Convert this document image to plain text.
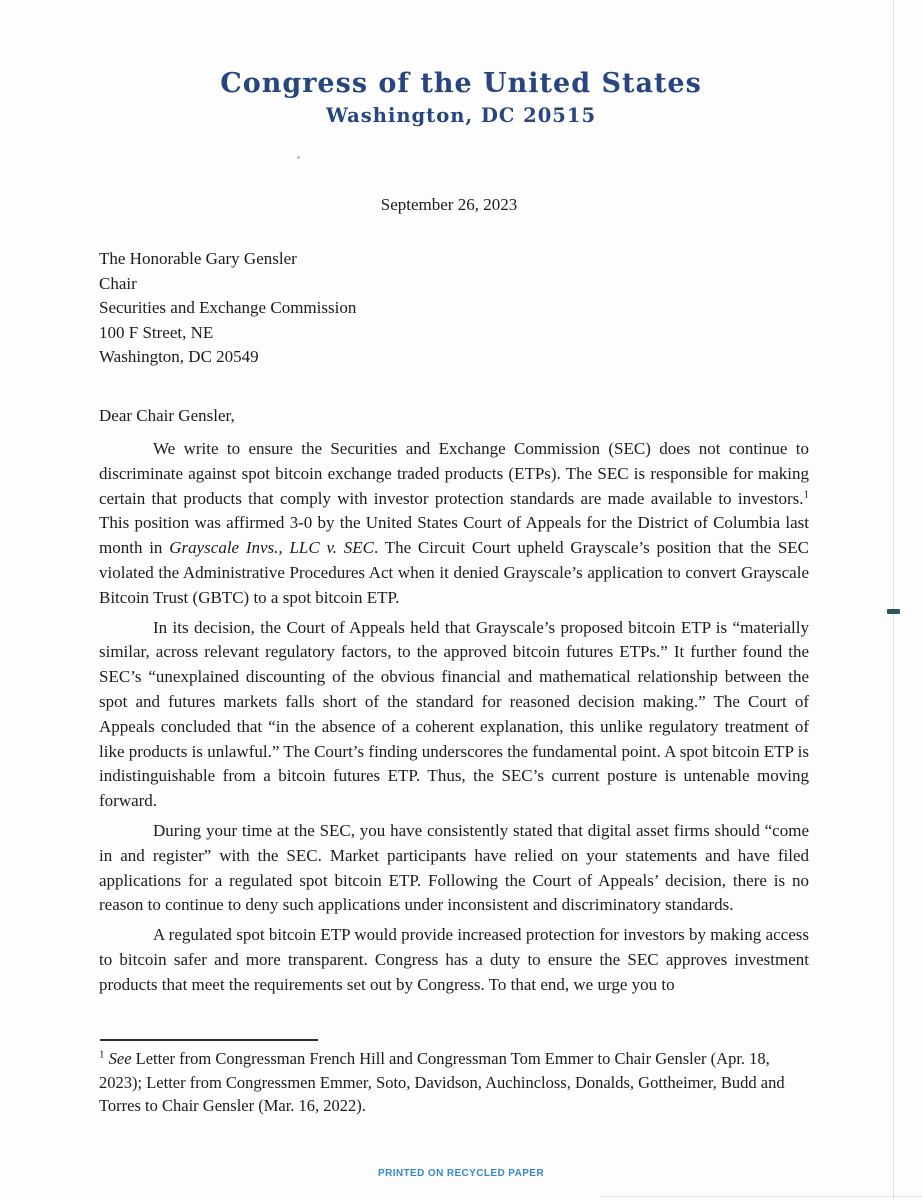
Congress of the United States
Washington, DC 20515
September 26, 2023
The Honorable Gary Gensler
Chair
Securities and Exchange Commission
100 F Street, NE
Washington, DC 20549
Dear Chair Gensler,

We write to ensure the Securities and Exchange Commission (SEC) does not continue to discriminate against spot bitcoin exchange traded products (ETPs). The SEC is responsible for making certain that products that comply with investor protection standards are made available to investors.$^1$ This position was affirmed 3-0 by the United States Court of Appeals for the District of Columbia last month in Grayscale Invs., LLC v. SEC. The Circuit Court upheld Grayscale’s position that the SEC violated the Administrative Procedures Act when it denied Grayscale’s application to convert Grayscale Bitcoin Trust (GBTC) to a spot bitcoin ETP.

In its decision, the Court of Appeals held that Grayscale’s proposed bitcoin ETP is “materially similar, across relevant regulatory factors, to the approved bitcoin futures ETPs.” It further found the SEC’s “unexplained discounting of the obvious financial and mathematical relationship between the spot and futures markets falls short of the standard for reasoned decision making.” The Court of Appeals concluded that “in the absence of a coherent explanation, this unlike regulatory treatment of like products is unlawful.” The Court’s finding underscores the fundamental point. A spot bitcoin ETP is indistinguishable from a bitcoin futures ETP. Thus, the SEC’s current posture is untenable moving forward.

During your time at the SEC, you have consistently stated that digital asset firms should “come in and register” with the SEC. Market participants have relied on your statements and have filed applications for a regulated spot bitcoin ETP. Following the Court of Appeals’ decision, there is no reason to continue to deny such applications under inconsistent and discriminatory standards.

A regulated spot bitcoin ETP would provide increased protection for investors by making access to bitcoin safer and more transparent. Congress has a duty to ensure the SEC approves investment products that meet the requirements set out by Congress. To that end, we urge you to

$^1$ See Letter from Congressman French Hill and Congressman Tom Emmer to Chair Gensler (Apr. 18, 2023); Letter from Congressmen Emmer, Soto, Davidson, Auchincloss, Donalds, Gottheimer, Budd and Torres to Chair Gensler (Mar. 16, 2022).
PRINTED ON RECYCLED PAPER
